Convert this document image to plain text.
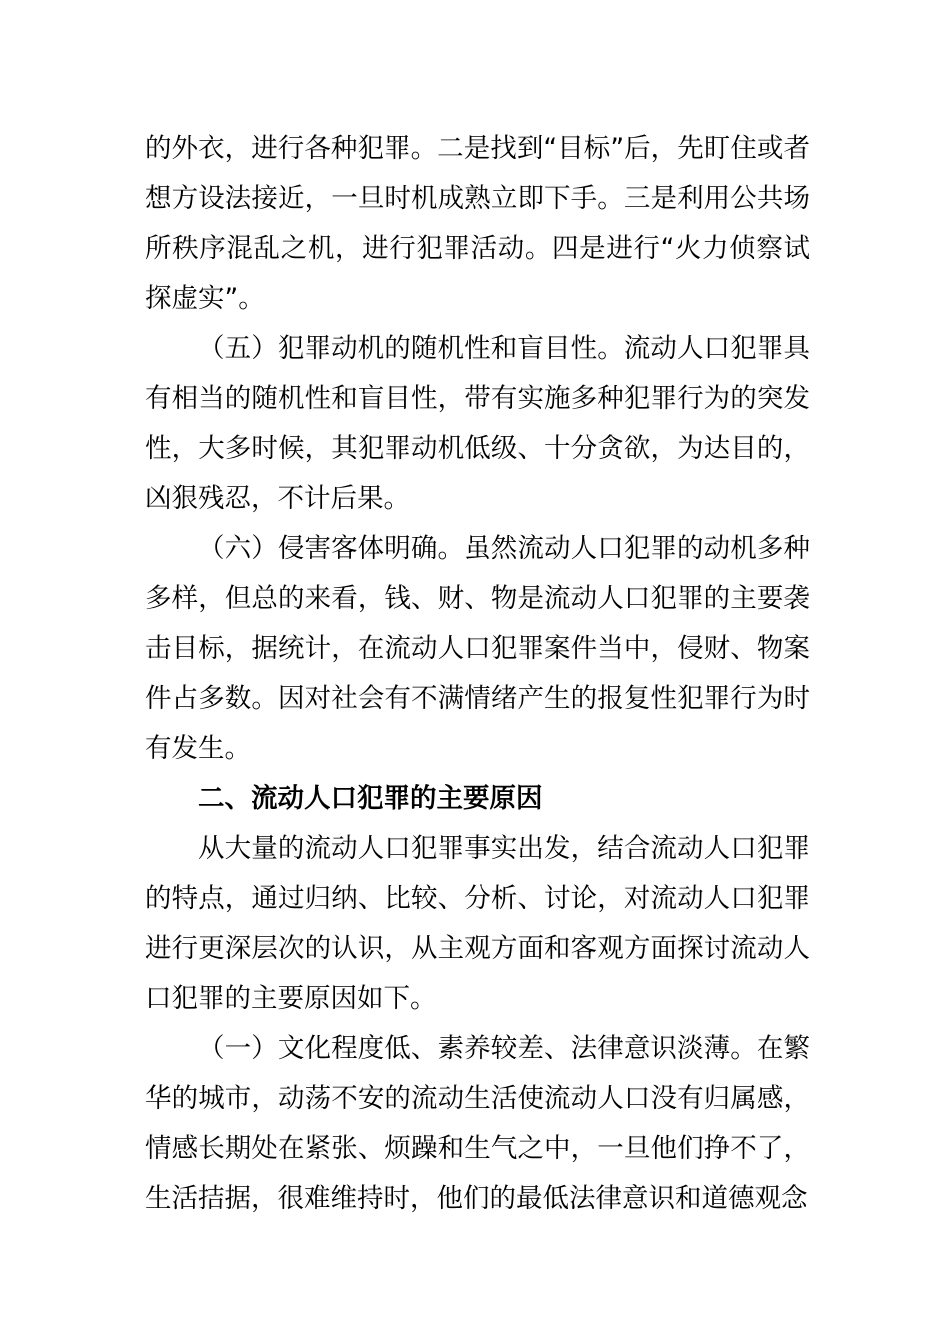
的外衣，进行各种犯罪。二是找到“目标”后，先盯住或者想方设法接近，一旦时机成熟立即下手。三是利用公共场所秩序混乱之机，进行犯罪活动。四是进行“火力侦察试探虚实”。

（五）犯罪动机的随机性和盲目性。流动人口犯罪具有相当的随机性和盲目性，带有实施多种犯罪行为的突发性，大多时候，其犯罪动机低级、十分贪欲，为达目的，凶狠残忍，不计后果。

（六）侵害客体明确。虽然流动人口犯罪的动机多种多样，但总的来看，钱、财、物是流动人口犯罪的主要袭击目标，据统计，在流动人口犯罪案件当中，侵财、物案件占多数。因对社会有不满情绪产生的报复性犯罪行为时有发生。

二、流动人口犯罪的主要原因

从大量的流动人口犯罪事实出发，结合流动人口犯罪的特点，通过归纳、比较、分析、讨论，对流动人口犯罪进行更深层次的认识，从主观方面和客观方面探讨流动人口犯罪的主要原因如下。

（一）文化程度低、素养较差、法律意识淡薄。在繁华的城市，动荡不安的流动生活使流动人口没有归属感，情感长期处在紧张、烦躁和生气之中，一旦他们挣不了，生活拮据，很难维持时，他们的最低法律意识和道德观念
